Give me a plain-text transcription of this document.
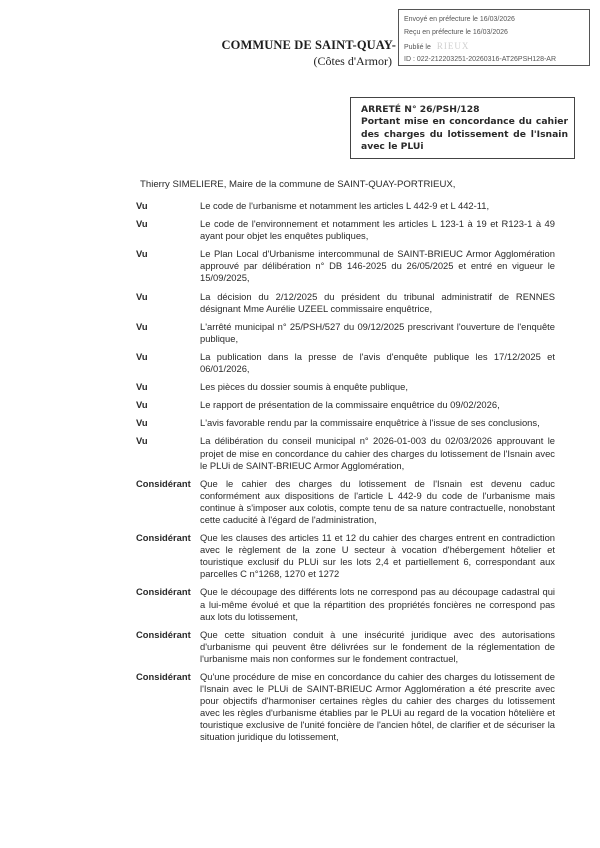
COMMUNE DE SAINT-QUAY-
(Côtes d'Armor)
Envoyé en préfecture le 16/03/2026
Reçu en préfecture le 16/03/2026
Publié le RIEUX
ID : 022-212203251-20260316-AT26PSH128-AR
ARRETÉ N° 26/PSH/128
Portant mise en concordance du cahier des charges du lotissement de l'Isnain avec le PLUi
Thierry SIMELIERE, Maire de la commune de SAINT-QUAY-PORTRIEUX,
Vu	Le code de l'urbanisme et notamment les articles L 442-9 et L 442-11,
Vu	Le code de l'environnement et notamment les articles L 123-1 à 19 et R123-1 à 49 ayant pour objet les enquêtes publiques,
Vu	Le Plan Local d'Urbanisme intercommunal de SAINT-BRIEUC Armor Agglomération approuvé par délibération n° DB 146-2025 du 26/05/2025 et entré en vigueur le 15/09/2025,
Vu	La décision du 2/12/2025 du président du tribunal administratif de RENNES désignant Mme Aurélie UZEEL commissaire enquêtrice,
Vu	L'arrêté municipal n° 25/PSH/527 du 09/12/2025 prescrivant l'ouverture de l'enquête publique,
Vu	La publication dans la presse de l'avis d'enquête publique les 17/12/2025 et 06/01/2026,
Vu	Les pièces du dossier soumis à enquête publique,
Vu	Le rapport de présentation de la commissaire enquêtrice du 09/02/2026,
Vu	L'avis favorable rendu par la commissaire enquêtrice à l'issue de ses conclusions,
Vu	La délibération du conseil municipal n° 2026-01-003 du 02/03/2026 approuvant le projet de mise en concordance du cahier des charges du lotissement de l'Isnain avec le PLUi de SAINT-BRIEUC Armor Agglomération,
Considérant Que le cahier des charges du lotissement de l'Isnain est devenu caduc conformément aux dispositions de l'article L 442-9 du code de l'urbanisme mais continue à s'imposer aux colotis, compte tenu de sa nature contractuelle, nonobstant cette caducité à l'égard de l'administration,
Considérant Que les clauses des articles 11 et 12 du cahier des charges entrent en contradiction avec le règlement de la zone U secteur à vocation d'hébergement hôtelier et touristique exclusif du PLUi sur les lots 2,4 et partiellement 6, correspondant aux parcelles C n°1268, 1270 et 1272
Considérant Que le découpage des différents lots ne correspond pas au découpage cadastral qui a lui-même évolué et que la répartition des propriétés foncières ne correspond pas aux lots du lotissement,
Considérant Que cette situation conduit à une insécurité juridique avec des autorisations d'urbanisme qui peuvent être délivrées sur le fondement de la réglementation de l'urbanisme mais non conformes sur le fondement contractuel,
Considérant Qu'une procédure de mise en concordance du cahier des charges du lotissement de l'Isnain avec le PLUi de SAINT-BRIEUC Armor Agglomération a été prescrite avec pour objectifs d'harmoniser certaines règles du cahier des charges du lotissement avec les règles d'urbanisme établies par le PLUi au regard de la vocation hôtelière et touristique exclusive de l'unité foncière de l'ancien hôtel, de clarifier et de sécuriser la situation juridique du lotissement,
